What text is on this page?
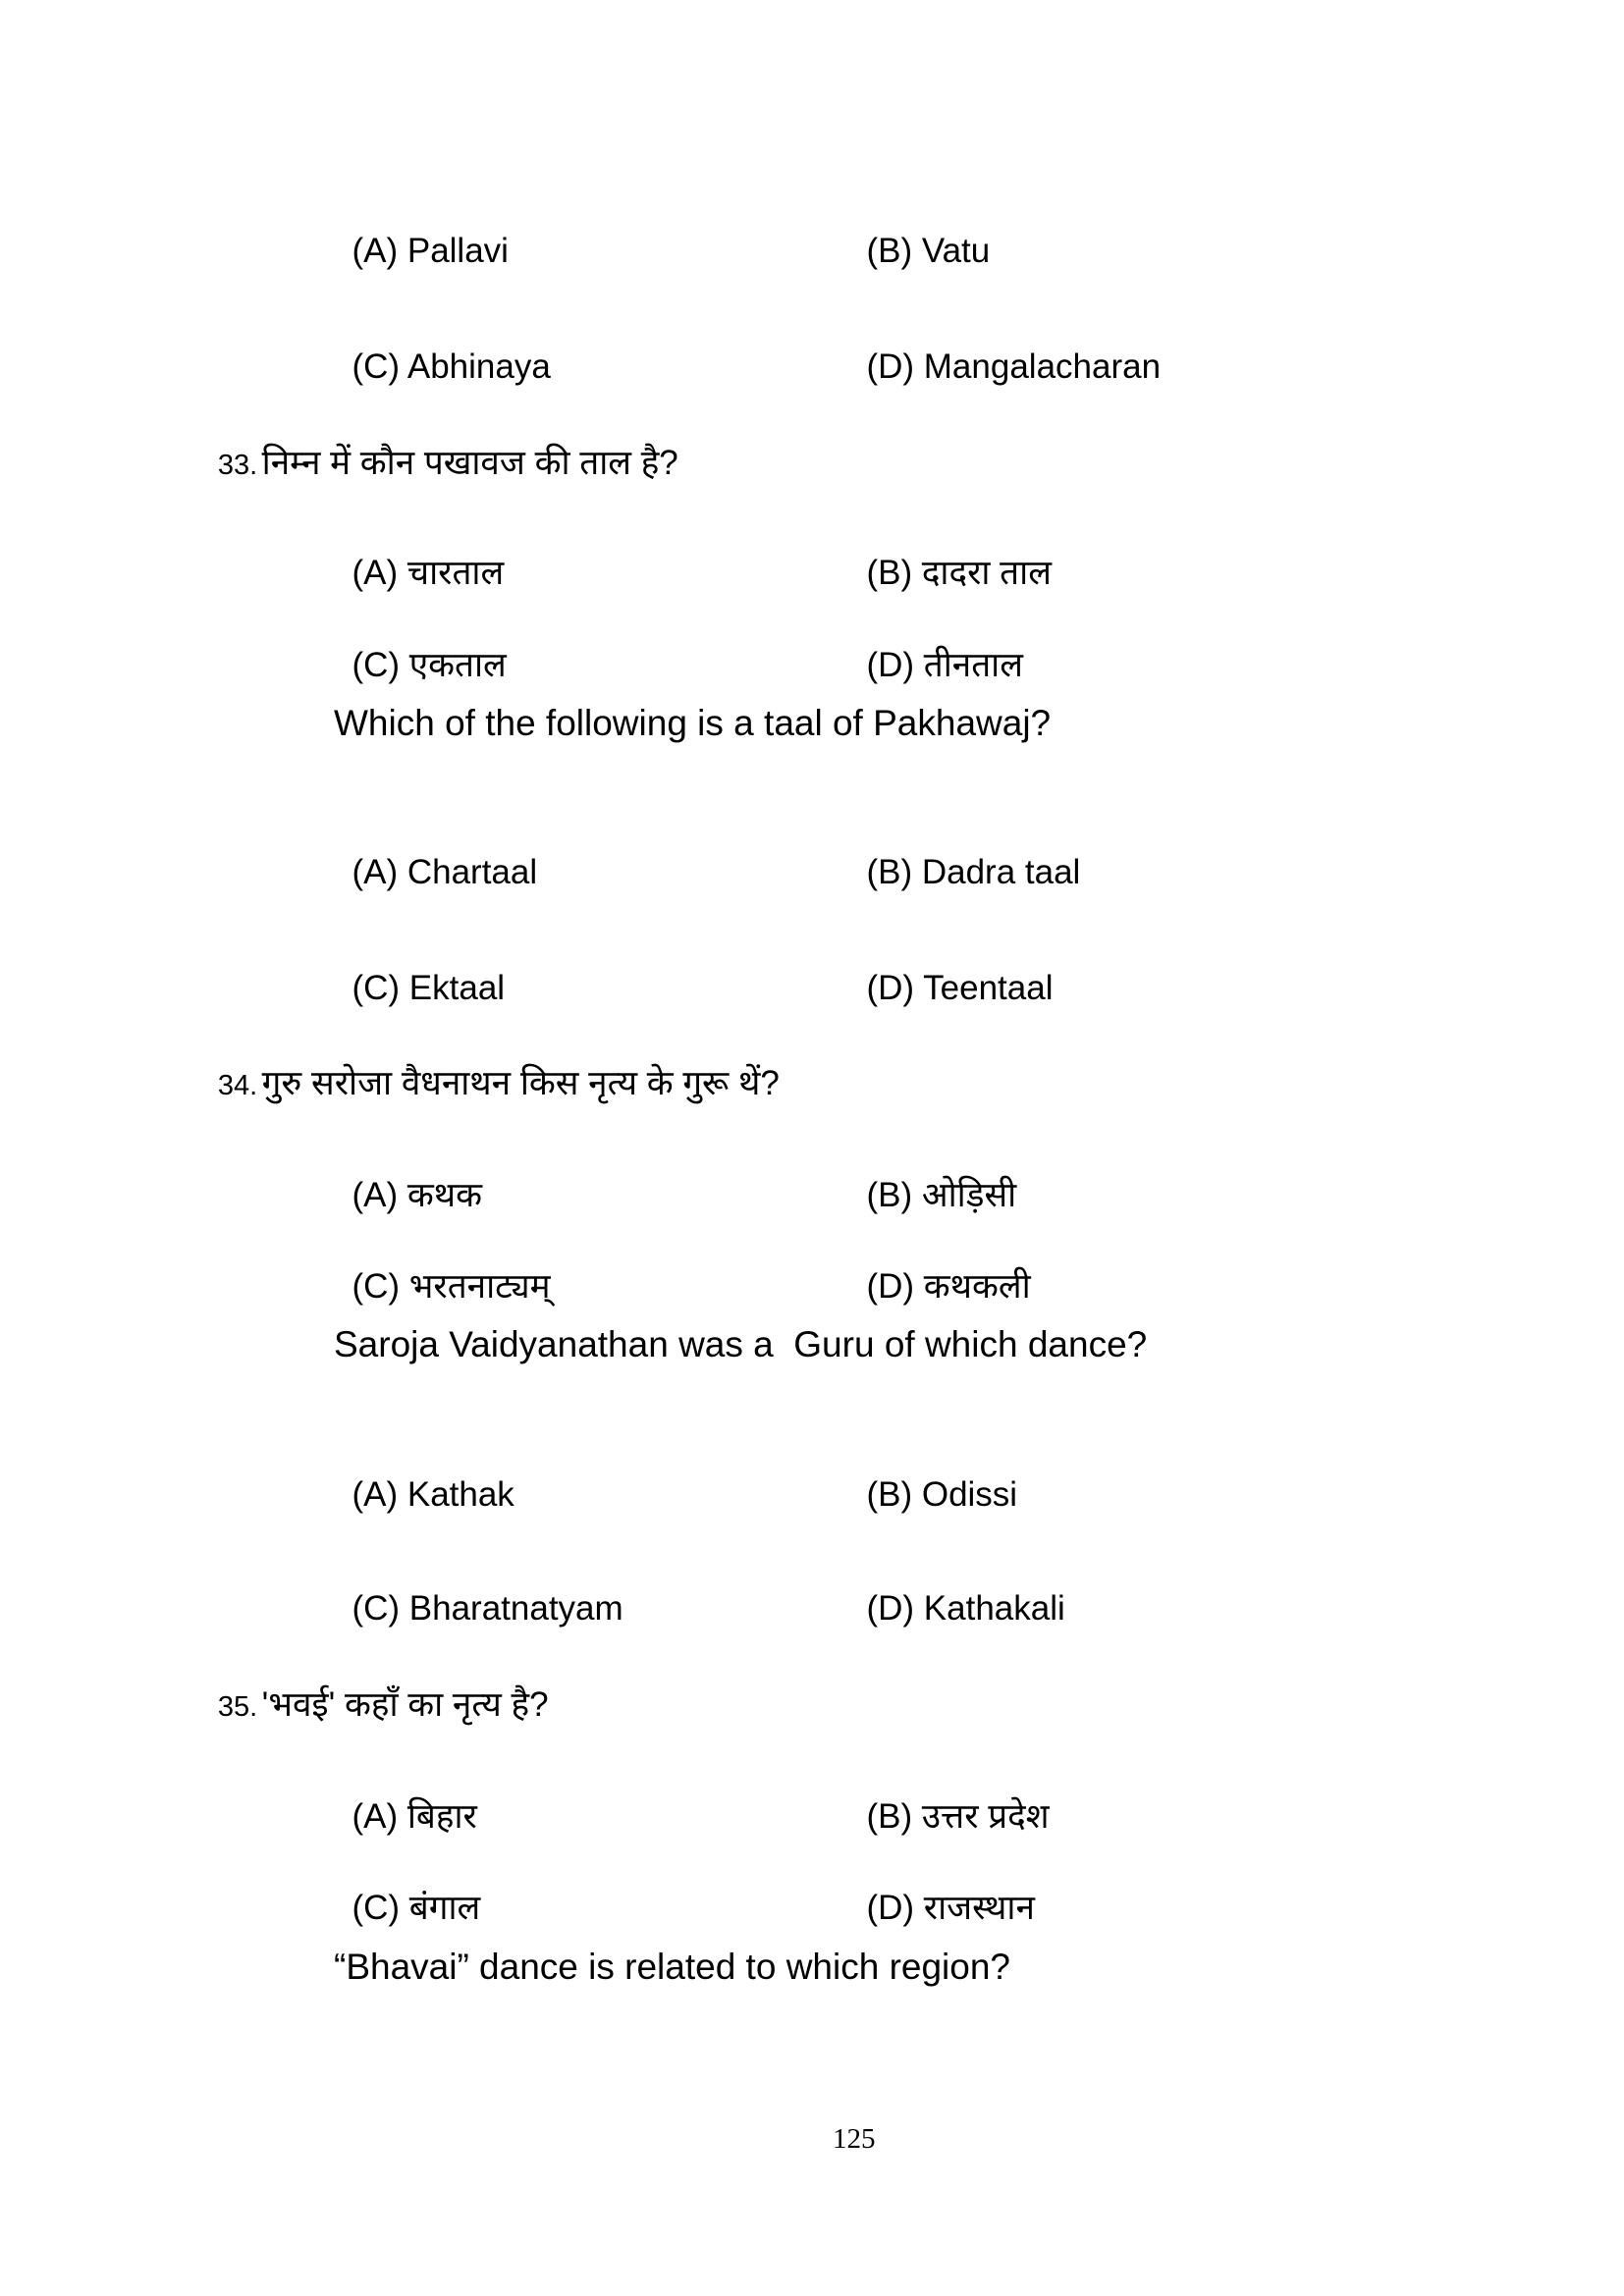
(A) Pallavi	(B) Vatu

(C) Abhinaya	(D) Mangalacharan

33. निम्न में कौन पखावज की ताल है?

(A) चारताल	(B) दादरा ताल

(C) एकताल	(D) तीनताल

Which of the following is a taal of Pakhawaj?

(A) Chartaal	(B) Dadra taal

(C) Ektaal	(D) Teentaal

34. गुरु सरोजा वैधनाथन किस नृत्य के गुरू थें?

(A) कथक	(B) ओड़िसी

(C) भरतनाट्यम्	(D) कथकली

Saroja Vaidyanathan was a  Guru of which dance?

(A) Kathak	(B) Odissi

(C) Bharatnatyam	(D) Kathakali

35. 'भवई' कहाँ का नृत्य है?

(A) बिहार	(B) उत्तर प्रदेश

(C) बंगाल	(D) राजस्थान

“Bhavai” dance is related to which region?
125
